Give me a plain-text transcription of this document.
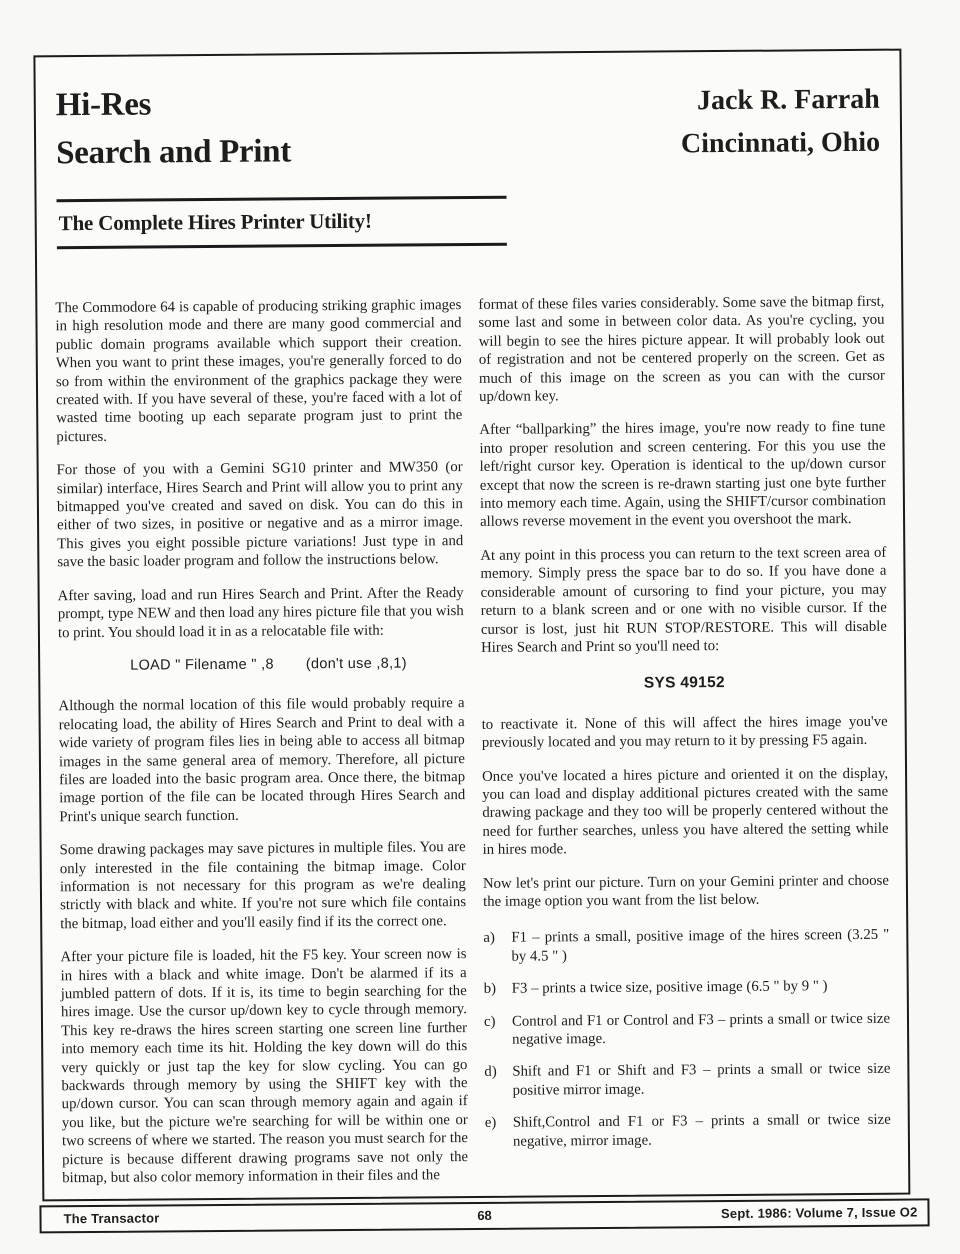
Hi-Res
Search and Print
Jack R. Farrah
Cincinnati, Ohio
The Complete Hires Printer Utility!

The Commodore 64 is capable of producing striking graphic images in high resolution mode and there are many good commercial and public domain programs available which support their creation. When you want to print these images, you're generally forced to do so from within the environment of the graphics package they were created with. If you have several of these, you're faced with a lot of wasted time booting up each separate program just to print the pictures.

For those of you with a Gemini SG10 printer and MW350 (or similar) interface, Hires Search and Print will allow you to print any bitmapped you've created and saved on disk. You can do this in either of two sizes, in positive or negative and as a mirror image. This gives you eight possible picture variations! Just type in and save the basic loader program and follow the instructions below.

After saving, load and run Hires Search and Print. After the Ready prompt, type NEW and then load any hires picture file that you wish to print. You should load it in as a relocatable file with:

LOAD " Filename " ,8 (don't use ,8,1)

Although the normal location of this file would probably require a relocating load, the ability of Hires Search and Print to deal with a wide variety of program files lies in being able to access all bitmap images in the same general area of memory. Therefore, all picture files are loaded into the basic program area. Once there, the bitmap image portion of the file can be located through Hires Search and Print's unique search function.

Some drawing packages may save pictures in multiple files. You are only interested in the file containing the bitmap image. Color information is not necessary for this program as we're dealing strictly with black and white. If you're not sure which file contains the bitmap, load either and you'll easily find if its the correct one.

After your picture file is loaded, hit the F5 key. Your screen now is in hires with a black and white image. Don't be alarmed if its a jumbled pattern of dots. If it is, its time to begin searching for the hires image. Use the cursor up/down key to cycle through memory. This key re-draws the hires screen starting one screen line further into memory each time its hit. Holding the key down will do this very quickly or just tap the key for slow cycling. You can go backwards through memory by using the SHIFT key with the up/down cursor. You can scan through memory again and again if you like, but the picture we're searching for will be within one or two screens of where we started. The reason you must search for the picture is because different drawing programs save not only the bitmap, but also color memory information in their files and the

format of these files varies considerably. Some save the bitmap first, some last and some in between color data. As you're cycling, you will begin to see the hires picture appear. It will probably look out of registration and not be centered properly on the screen. Get as much of this image on the screen as you can with the cursor up/down key.

After “ballparking” the hires image, you're now ready to fine tune into proper resolution and screen centering. For this you use the left/right cursor key. Operation is identical to the up/down cursor except that now the screen is re-drawn starting just one byte further into memory each time. Again, using the SHIFT/cursor combination allows reverse movement in the event you overshoot the mark.

At any point in this process you can return to the text screen area of memory. Simply press the space bar to do so. If you have done a considerable amount of cursoring to find your picture, you may return to a blank screen and or one with no visible cursor. If the cursor is lost, just hit RUN STOP/RESTORE. This will disable Hires Search and Print so you'll need to:

SYS 49152

to reactivate it. None of this will affect the hires image you've previously located and you may return to it by pressing F5 again.

Once you've located a hires picture and oriented it on the display, you can load and display additional pictures created with the same drawing package and they too will be properly centered without the need for further searches, unless you have altered the setting while in hires mode.

Now let's print our picture. Turn on your Gemini printer and choose the image option you want from the list below.

a)	F1 – prints a small, positive image of the hires screen (3.25 " by 4.5 " )
b)	F3 – prints a twice size, positive image (6.5 " by 9 " )
c)	Control and F1 or Control and F3 – prints a small or twice size negative image.
d)	Shift and F1 or Shift and F3 – prints a small or twice size positive mirror image.
e)	Shift,Control and F1 or F3 – prints a small or twice size negative, mirror image.
The Transactor	68	Sept. 1986: Volume 7, Issue O2
